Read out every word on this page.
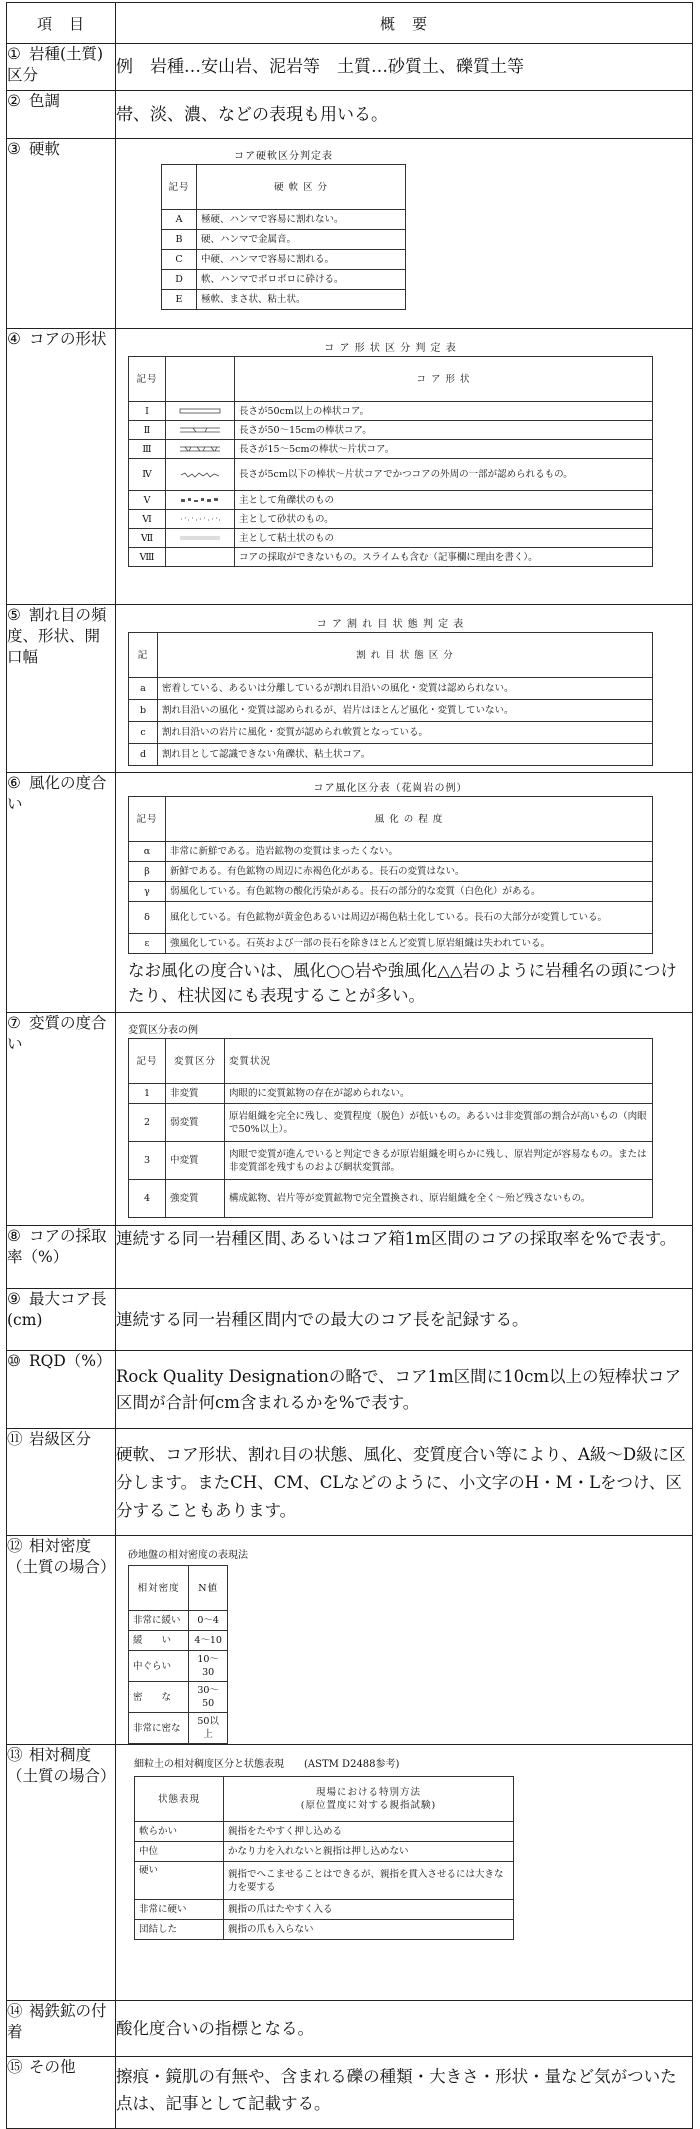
項　目	概　要
① 岩種(土質)区分	例　岩種…安山岩、泥岩等　土質…砂質土、礫質土等
② 色調	帯、淡、濃、などの表現も用いる。
③ 硬軟	コア硬軟区分判定表
記号	硬 軟 区 分
A	極硬、ハンマで容易に割れない。
B	硬、ハンマで金属音。
C	中硬、ハンマで容易に割れる。
D	軟、ハンマでボロボロに砕ける。
E	極軟、まさ状、粘土状。

④ コアの形状	
コ ア 形 状 区 分 判 定 表
記号		コ ア 形 状
Ⅰ		長さが50cm以上の棒状コア。
Ⅱ		長さが50～15cmの棒状コア。
Ⅲ		長さが15～5cmの棒状～片状コア。
Ⅳ		長さが5cm以下の棒状～片状コアでかつコアの外周の一部が認められるもの。
Ⅴ		主として角礫状のもの
Ⅵ		主として砂状のもの。
Ⅶ		主として粘土状のもの
Ⅷ		コアの採取ができないもの。スライムも含む（記事欄に理由を書く）。

⑤ 割れ目の頻度、形状、開口幅	
コ ア 割 れ 目 状 態 判 定 表
記	割 れ 目 状 態 区 分
a	密着している、あるいは分離しているが割れ目沿いの風化・変質は認められない。
b	割れ目沿いの風化・変質は認められるが、岩片はほとんど風化・変質していない。
c	割れ目沿いの岩片に風化・変質が認められ軟質となっている。
d	割れ目として認識できない角礫状、粘土状コア。

⑥ 風化の度合い	
コア風化区分表（花崗岩の例）
記号	風 化 の 程 度
α	非常に新鮮である。造岩鉱物の変質はまったくない。
β	新鮮である。有色鉱物の周辺に赤褐色化がある。長石の変質はない。
γ	弱風化している。有色鉱物の酸化汚染がある。長石の部分的な変質（白色化）がある。
δ	風化している。有色鉱物が黄金色あるいは周辺が褐色粘土化している。長石の大部分が変質している。
ε	強風化している。石英および一部の長石を除きほとんど変質し原岩組織は失われている。
なお風化の度合いは、風化○○岩や強風化△△岩のように岩種名の頭につけたり、柱状図にも表現することが多い。

⑦ 変質の度合い	
変質区分表の例
記号	変質区分	変質状況
1	非変質	肉眼的に変質鉱物の存在が認められない。
2	弱変質	原岩組織を完全に残し、変質程度（脱色）が低いもの。あるいは非変質部の割合が高いもの（肉眼で50%以上）。
3	中変質	肉眼で変質が進んでいると判定できるが原岩組織を明らかに残し、原岩判定が容易なもの。または非変質部を残すものおよび網状変質部。
4	強変質	構成鉱物、岩片等が変質鉱物で完全置換され、原岩組織を全く～殆ど残さないもの。

⑧ コアの採取率（%）	連続する同一岩種区間､あるいはコア箱1m区間のコアの採取率を%で表す。
⑨ 最大コア長(cm)	連続する同一岩種区間内での最大のコア長を記録する。
⑩ RQD（%）	Rock Quality Designationの略で、コア1m区間に10cm以上の短棒状コア区間が合計何cm含まれるかを%で表す。
⑪ 岩級区分	硬軟、コア形状、割れ目の状態、風化、変質度合い等により、A級～D級に区分します。またCH、CM、CLなどのように、小文字のH・M・Lをつけ、区分することもあります。
⑫ 相対密度（土質の場合）	
砂地盤の相対密度の表現法
相対密度	N値
非常に緩い	0～4
緩　　い	4～10
中ぐらい	10～30
密　　な	30～50
非常に密な	50以上

⑬ 相対稠度（土質の場合）	
細粒土の相対稠度区分と状態表現　　(ASTM D2488参考)
状態表現	現場における特別方法
(原位置度に対する親指試験)
軟らかい	親指をたやすく押し込める
中位	かなり力を入れないと親指は押し込めない
硬い	親指でへこませることはできるが、親指を貫入させるには大きな力を要する
非常に硬い	親指の爪はたやすく入る
団結した	親指の爪も入らない

⑭ 褐鉄鉱の付着	酸化度合いの指標となる。
⑮ その他	擦痕・鏡肌の有無や、含まれる礫の種類・大きさ・形状・量など気がついた点は、記事として記載する。
